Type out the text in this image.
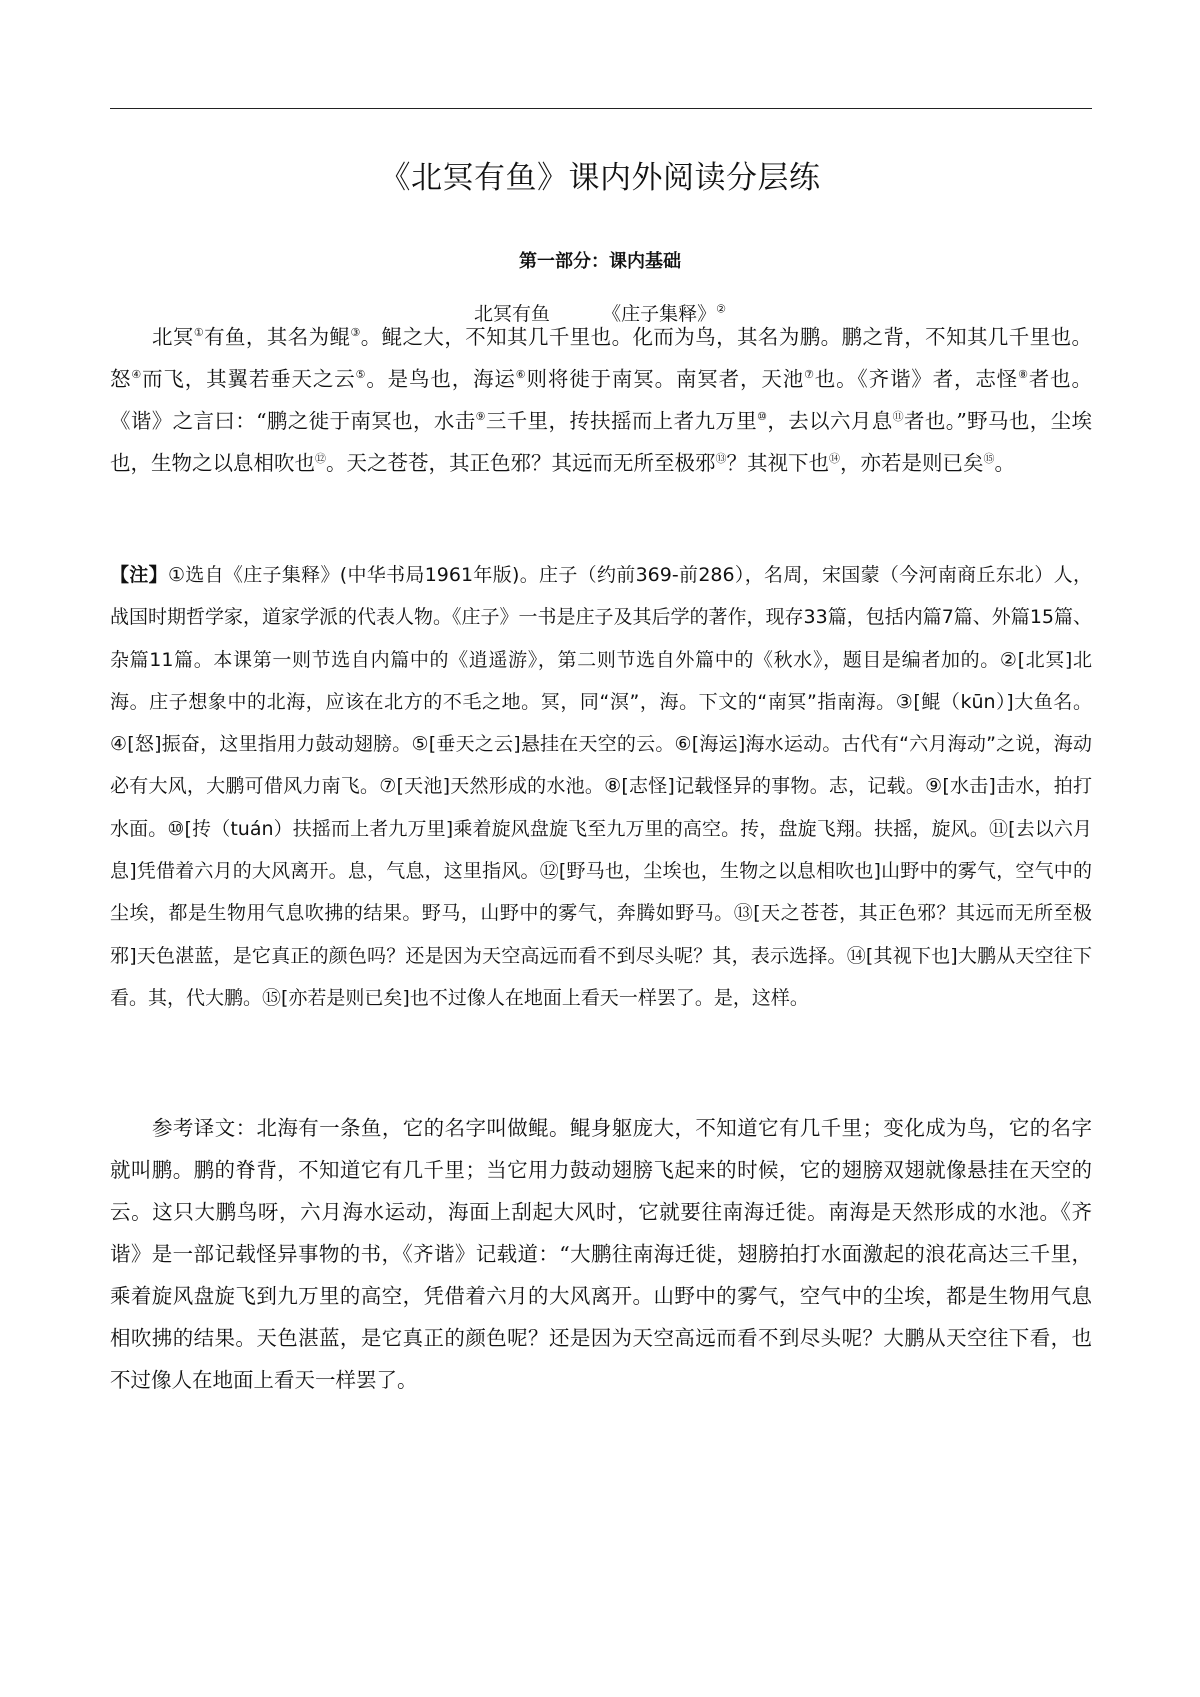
《北冥有鱼》课内外阅读分层练
第一部分：课内基础
北冥有鱼	《庄子集释》②
北冥①有鱼，其名为鲲③。鲲之大，不知其几千里也。化而为鸟，其名为鹏。鹏之背，不知其几千里也。怒④而飞，其翼若垂天之云⑤。是鸟也，海运⑥则将徙于南冥。南冥者，天池⑦也。《齐谐》者，志怪⑧者也。《谐》之言曰：“鹏之徙于南冥也，水击⑨三千里，抟扶摇而上者九万里⑩，去以六月息⑪者也。”野马也，尘埃也，生物之以息相吹也⑫。天之苍苍，其正色邪？其远而无所至极邪⑬？其视下也⑭，亦若是则已矣⑮。
【注】①选自《庄子集释》(中华书局1961年版)。庄子（约前369-前286），名周，宋国蒙（今河南商丘东北）人，战国时期哲学家，道家学派的代表人物。《庄子》一书是庄子及其后学的著作，现存33篇，包括内篇7篇、外篇15篇、杂篇11篇。本课第一则节选自内篇中的《逍遥游》，第二则节选自外篇中的《秋水》，题目是编者加的。②[北冥]北海。庄子想象中的北海，应该在北方的不毛之地。冥，同“溟”，海。下文的“南冥”指南海。③[鲲（kūn）]大鱼名。④[怒]振奋，这里指用力鼓动翅膀。⑤[垂天之云]悬挂在天空的云。⑥[海运]海水运动。古代有“六月海动”之说，海动必有大风，大鹏可借风力南飞。⑦[天池]天然形成的水池。⑧[志怪]记载怪异的事物。志，记载。⑨[水击]击水，拍打水面。⑩[抟（tuán）扶摇而上者九万里]乘着旋风盘旋飞至九万里的高空。抟，盘旋飞翔。扶摇，旋风。⑪[去以六月息]凭借着六月的大风离开。息，气息，这里指风。⑫[野马也，尘埃也，生物之以息相吹也]山野中的雾气，空气中的尘埃，都是生物用气息吹拂的结果。野马，山野中的雾气，奔腾如野马。⑬[天之苍苍，其正色邪？其远而无所至极邪]天色湛蓝，是它真正的颜色吗？还是因为天空高远而看不到尽头呢？其，表示选择。⑭[其视下也]大鹏从天空往下看。其，代大鹏。⑮[亦若是则已矣]也不过像人在地面上看天一样罢了。是，这样。
参考译文：北海有一条鱼，它的名字叫做鲲。鲲身躯庞大，不知道它有几千里；变化成为鸟，它的名字就叫鹏。鹏的脊背，不知道它有几千里；当它用力鼓动翅膀飞起来的时候，它的翅膀双翅就像悬挂在天空的云。这只大鹏鸟呀，六月海水运动，海面上刮起大风时，它就要往南海迁徙。南海是天然形成的水池。《齐谐》是一部记载怪异事物的书，《齐谐》记载道：“大鹏往南海迁徙，翅膀拍打水面激起的浪花高达三千里，乘着旋风盘旋飞到九万里的高空，凭借着六月的大风离开。山野中的雾气，空气中的尘埃，都是生物用气息相吹拂的结果。天色湛蓝，是它真正的颜色呢？还是因为天空高远而看不到尽头呢？大鹏从天空往下看，也不过像人在地面上看天一样罢了。
